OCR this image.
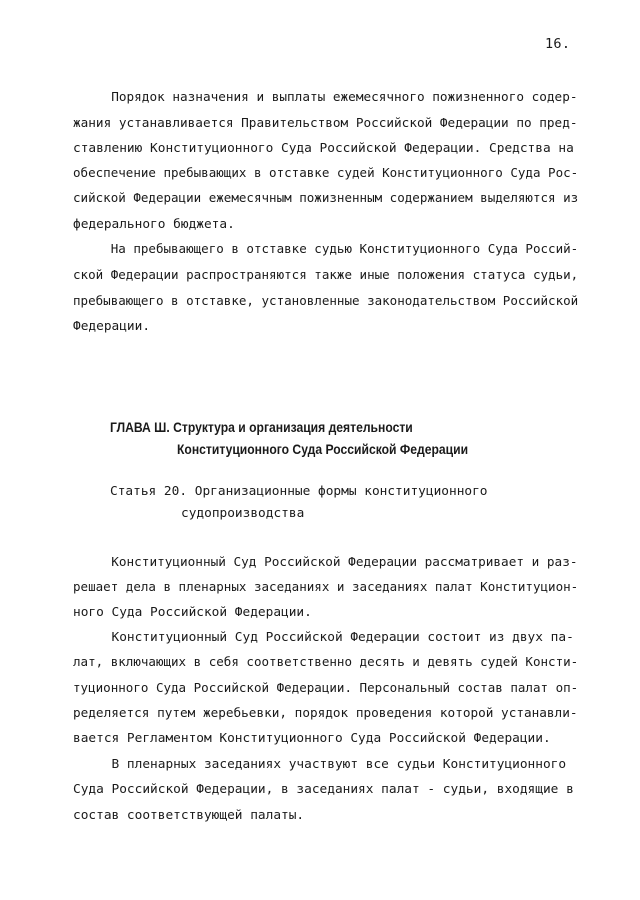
16.
Порядок назначения и выплаты ежемесячного пожизненного содер-
жания устанавливается Правительством Российской Федерации по пред-
ставлению Конституционного Суда Российской Федерации. Средства на
обеспечение пребывающих в отставке судей Конституционного Суда Рос-
сийской Федерации ежемесячным пожизненным содержанием выделяются из
федерального бюджета.
На пребывающего в отставке судью Конституционного Суда Россий-
ской Федерации распространяются также иные положения статуса судьи,
пребывающего в отставке, установленные законодательством Российской
Федерации.
ГЛАВА Ш. Структура и организация деятельности
Конституционного Суда Российской Федерации
Статья 20. Организационные формы конституционного
судопроизводства
Конституционный Суд Российской Федерации рассматривает и раз-
решает дела в пленарных заседаниях и заседаниях палат Конституцион-
ного Суда Российской Федерации.
Конституционный Суд Российской Федерации состоит из двух па-
лат, включающих в себя соответственно десять и девять судей Консти-
туционного Суда Российской Федерации. Персональный состав палат оп-
ределяется путем жеребьевки, порядок проведения которой устанавли-
вается Регламентом Конституционного Суда Российской Федерации.
В пленарных заседаниях участвуют все судьи Конституционного
Суда Российской Федерации, в заседаниях палат - судьи, входящие в
состав соответствующей палаты.
